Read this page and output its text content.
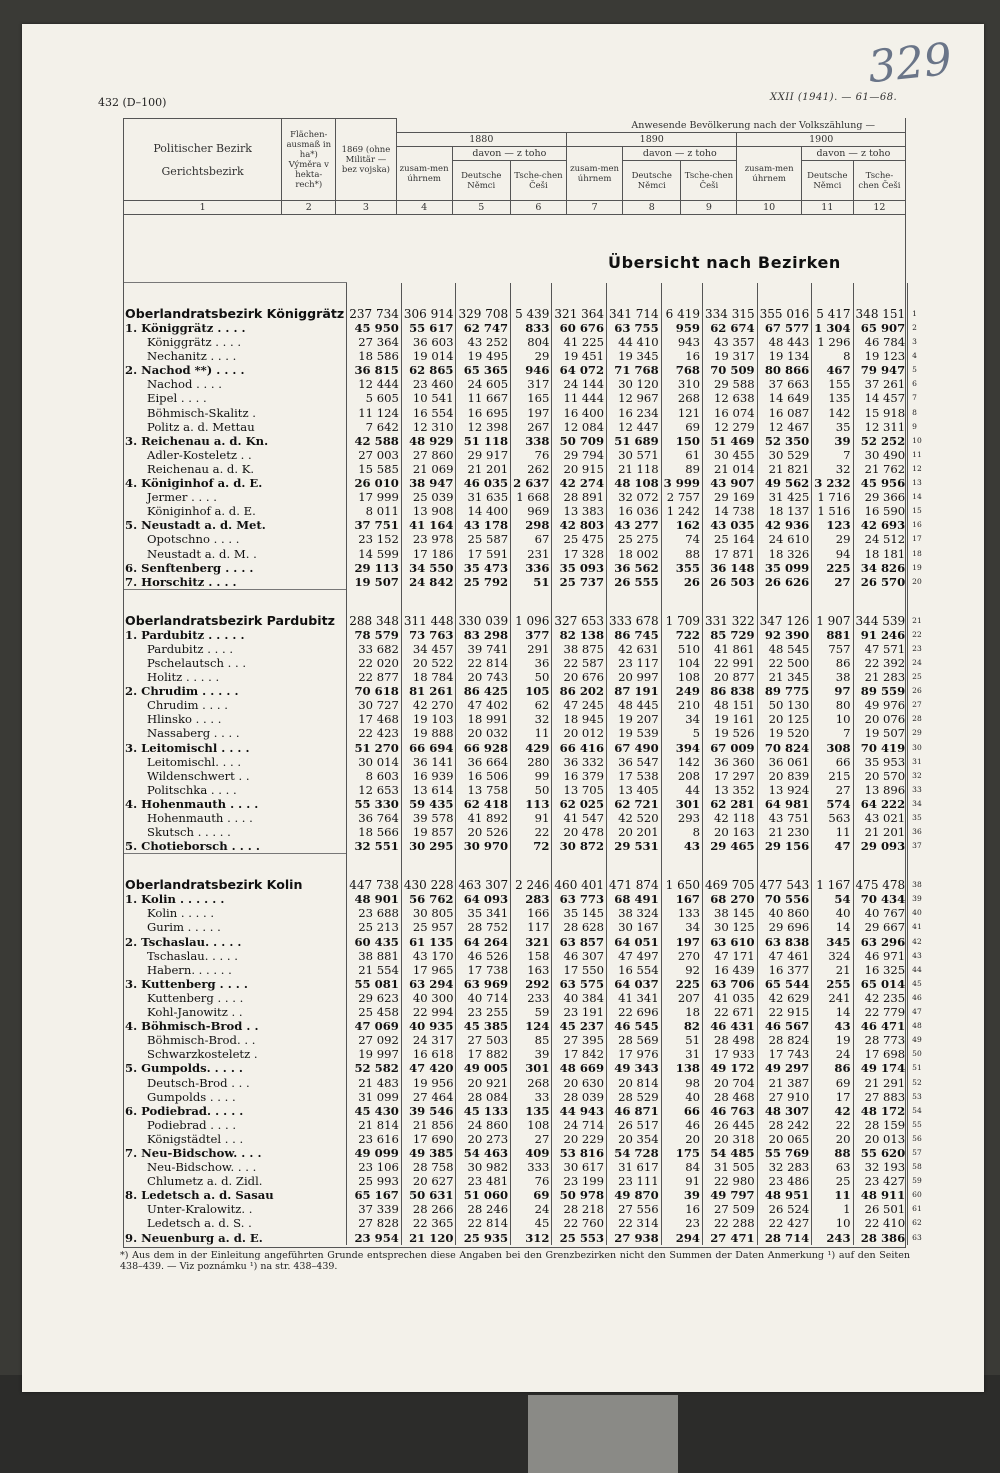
432 (D–100)	XXII (1941). — 61—68.
329
Politischer Bezirk
Gerichtsbezirk	Flächen-ausmaß in ha*) Výměra v hekta-rech*)	1869 (ohne Militär — bez vojska)	Anwesende Bevölkerung nach der Volkszählung —								
			1880			1890			1900		
			zusam-men úhrnem	davon — z toho		zusam-men úhrnem	davon — z toho		zusam-men úhrnem	davon — z toho	
				Deutsche Němci	Tsche-chen Češi		Deutsche Němci	Tsche-chen Češi		Deutsche Němci	Tsche-chen Češi
1	2	3	4	5	6	7	8	9	10	11	12
Übersicht nach Bezirken
Oberlandratsbezirk Königgrätz	237 734	306 914	329 708	5 439	321 364	341 714	6 419	334 315	355 016	5 417	348 151	1
1. Königgrätz . . . .	45 950	55 617	62 747	833	60 676	63 755	959	62 674	67 577	1 304	65 907	2
Königgrätz . . . .	27 364	36 603	43 252	804	41 225	44 410	943	43 357	48 443	1 296	46 784	3
Nechanitz . . . .	18 586	19 014	19 495	29	19 451	19 345	16	19 317	19 134	8	19 123	4
2. Nachod **) . . . .	36 815	62 865	65 365	946	64 072	71 768	768	70 509	80 866	467	79 947	5
Nachod . . . .	12 444	23 460	24 605	317	24 144	30 120	310	29 588	37 663	155	37 261	6
Eipel . . . .	5 605	10 541	11 667	165	11 444	12 967	268	12 638	14 649	135	14 457	7
Böhmisch-Skalitz .	11 124	16 554	16 695	197	16 400	16 234	121	16 074	16 087	142	15 918	8
Politz a. d. Mettau	7 642	12 310	12 398	267	12 084	12 447	69	12 279	12 467	35	12 311	9
3. Reichenau a. d. Kn.	42 588	48 929	51 118	338	50 709	51 689	150	51 469	52 350	39	52 252	10
Adler-Kosteletz . .	27 003	27 860	29 917	76	29 794	30 571	61	30 455	30 529	7	30 490	11
Reichenau a. d. K.	15 585	21 069	21 201	262	20 915	21 118	89	21 014	21 821	32	21 762	12
4. Königinhof a. d. E.	26 010	38 947	46 035	2 637	42 274	48 108	3 999	43 907	49 562	3 232	45 956	13
Jermer . . . .	17 999	25 039	31 635	1 668	28 891	32 072	2 757	29 169	31 425	1 716	29 366	14
Königinhof a. d. E.	8 011	13 908	14 400	969	13 383	16 036	1 242	14 738	18 137	1 516	16 590	15
5. Neustadt a. d. Met.	37 751	41 164	43 178	298	42 803	43 277	162	43 035	42 936	123	42 693	16
Opotschno . . . .	23 152	23 978	25 587	67	25 475	25 275	74	25 164	24 610	29	24 512	17
Neustadt a. d. M. .	14 599	17 186	17 591	231	17 328	18 002	88	17 871	18 326	94	18 181	18
6. Senftenberg . . . .	29 113	34 550	35 473	336	35 093	36 562	355	36 148	35 099	225	34 826	19
7. Horschitz . . . .	19 507	24 842	25 792	51	25 737	26 555	26	26 503	26 626	27	26 570	20
Oberlandratsbezirk Pardubitz	288 348	311 448	330 039	1 096	327 653	333 678	1 709	331 322	347 126	1 907	344 539	21
1. Pardubitz . . . . .	78 579	73 763	83 298	377	82 138	86 745	722	85 729	92 390	881	91 246	22
Pardubitz . . . .	33 682	34 457	39 741	291	38 875	42 631	510	41 861	48 545	757	47 571	23
Pschelautsch . . .	22 020	20 522	22 814	36	22 587	23 117	104	22 991	22 500	86	22 392	24
Holitz . . . . .	22 877	18 784	20 743	50	20 676	20 997	108	20 877	21 345	38	21 283	25
2. Chrudim . . . . .	70 618	81 261	86 425	105	86 202	87 191	249	86 838	89 775	97	89 559	26
Chrudim . . . .	30 727	42 270	47 402	62	47 245	48 445	210	48 151	50 130	80	49 976	27
Hlinsko . . . .	17 468	19 103	18 991	32	18 945	19 207	34	19 161	20 125	10	20 076	28
Nassaberg . . . .	22 423	19 888	20 032	11	20 012	19 539	5	19 526	19 520	7	19 507	29
3. Leitomischl . . . .	51 270	66 694	66 928	429	66 416	67 490	394	67 009	70 824	308	70 419	30
Leitomischl. . . .	30 014	36 141	36 664	280	36 332	36 547	142	36 360	36 061	66	35 953	31
Wildenschwert . .	8 603	16 939	16 506	99	16 379	17 538	208	17 297	20 839	215	20 570	32
Politschka . . . .	12 653	13 614	13 758	50	13 705	13 405	44	13 352	13 924	27	13 896	33
4. Hohenmauth . . . .	55 330	59 435	62 418	113	62 025	62 721	301	62 281	64 981	574	64 222	34
Hohenmauth . . . .	36 764	39 578	41 892	91	41 547	42 520	293	42 118	43 751	563	43 021	35
Skutsch . . . . .	18 566	19 857	20 526	22	20 478	20 201	8	20 163	21 230	11	21 201	36
5. Chotieborsch . . . .	32 551	30 295	30 970	72	30 872	29 531	43	29 465	29 156	47	29 093	37
Oberlandratsbezirk Kolin	447 738	430 228	463 307	2 246	460 401	471 874	1 650	469 705	477 543	1 167	475 478	38
1. Kolin . . . . . .	48 901	56 762	64 093	283	63 773	68 491	167	68 270	70 556	54	70 434	39
Kolin . . . . .	23 688	30 805	35 341	166	35 145	38 324	133	38 145	40 860	40	40 767	40
Gurim . . . . .	25 213	25 957	28 752	117	28 628	30 167	34	30 125	29 696	14	29 667	41
2. Tschaslau. . . . .	60 435	61 135	64 264	321	63 857	64 051	197	63 610	63 838	345	63 296	42
Tschaslau. . . . .	38 881	43 170	46 526	158	46 307	47 497	270	47 171	47 461	324	46 971	43
Habern. . . . . .	21 554	17 965	17 738	163	17 550	16 554	92	16 439	16 377	21	16 325	44
3. Kuttenberg . . . .	55 081	63 294	63 969	292	63 575	64 037	225	63 706	65 544	255	65 014	45
Kuttenberg . . . .	29 623	40 300	40 714	233	40 384	41 341	207	41 035	42 629	241	42 235	46
Kohl-Janowitz . .	25 458	22 994	23 255	59	23 191	22 696	18	22 671	22 915	14	22 779	47
4. Böhmisch-Brod . .	47 069	40 935	45 385	124	45 237	46 545	82	46 431	46 567	43	46 471	48
Böhmisch-Brod. . .	27 092	24 317	27 503	85	27 395	28 569	51	28 498	28 824	19	28 773	49
Schwarzkosteletz .	19 997	16 618	17 882	39	17 842	17 976	31	17 933	17 743	24	17 698	50
5. Gumpolds. . . . .	52 582	47 420	49 005	301	48 669	49 343	138	49 172	49 297	86	49 174	51
Deutsch-Brod . . .	21 483	19 956	20 921	268	20 630	20 814	98	20 704	21 387	69	21 291	52
Gumpolds . . . .	31 099	27 464	28 084	33	28 039	28 529	40	28 468	27 910	17	27 883	53
6. Podiebrad. . . . .	45 430	39 546	45 133	135	44 943	46 871	66	46 763	48 307	42	48 172	54
Podiebrad . . . .	21 814	21 856	24 860	108	24 714	26 517	46	26 445	28 242	22	28 159	55
Königstädtel . . .	23 616	17 690	20 273	27	20 229	20 354	20	20 318	20 065	20	20 013	56
7. Neu-Bidschow. . . .	49 099	49 385	54 463	409	53 816	54 728	175	54 485	55 769	88	55 620	57
Neu-Bidschow. . . .	23 106	28 758	30 982	333	30 617	31 617	84	31 505	32 283	63	32 193	58
Chlumetz a. d. Zidl.	25 993	20 627	23 481	76	23 199	23 111	91	22 980	23 486	25	23 427	59
8. Ledetsch a. d. Sasau	65 167	50 631	51 060	69	50 978	49 870	39	49 797	48 951	11	48 911	60
Unter-Kralowitz. .	37 339	28 266	28 246	24	28 218	27 556	16	27 509	26 524	1	26 501	61
Ledetsch a. d. S. .	27 828	22 365	22 814	45	22 760	22 314	23	22 288	22 427	10	22 410	62
9. Neuenburg a. d. E.	23 954	21 120	25 935	312	25 553	27 938	294	27 471	28 714	243	28 386	63
*) Aus dem in der Einleitung angeführten Grunde entsprechen diese Angaben bei den Grenzbezirken nicht den Summen der Daten Anmerkung ¹) auf den Seiten 438–439. — Viz poznámku ¹) na str. 438–439.
